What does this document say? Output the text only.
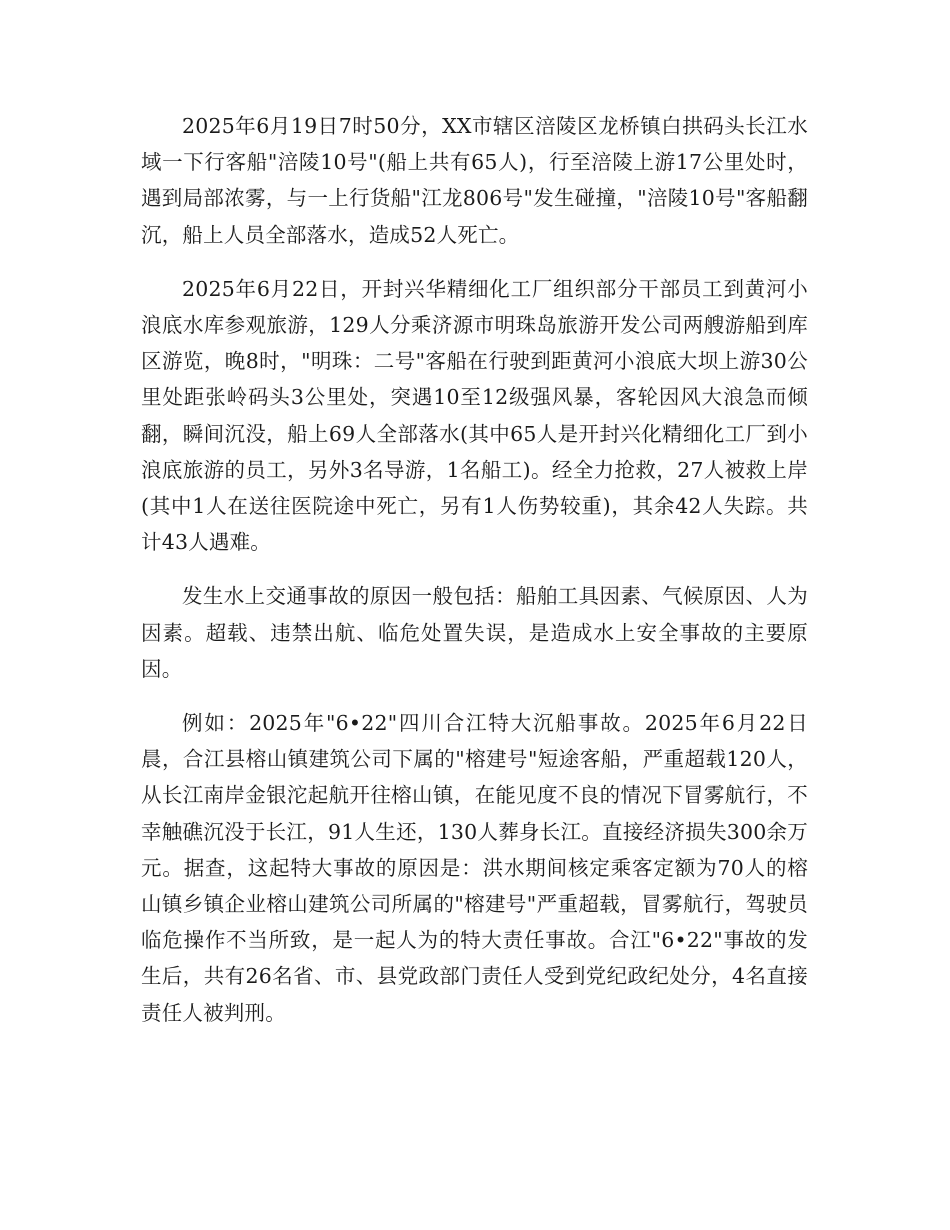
2025年6月19日7时50分，XX市辖区涪陵区龙桥镇白拱码头长江水域一下行客船"涪陵10号"(船上共有65人)，行至涪陵上游17公里处时，遇到局部浓雾，与一上行货船"江龙806号"发生碰撞，"涪陵10号"客船翻沉，船上人员全部落水，造成52人死亡。

2025年6月22日，开封兴华精细化工厂组织部分干部员工到黄河小浪底水库参观旅游，129人分乘济源市明珠岛旅游开发公司两艘游船到库区游览，晚8时，"明珠：二号"客船在行驶到距黄河小浪底大坝上游30公里处距张岭码头3公里处，突遇10至12级强风暴，客轮因风大浪急而倾翻，瞬间沉没，船上69人全部落水(其中65人是开封兴化精细化工厂到小浪底旅游的员工，另外3名导游，1名船工)。经全力抢救，27人被救上岸(其中1人在送往医院途中死亡，另有1人伤势较重)，其余42人失踪。共计43人遇难。

发生水上交通事故的原因一般包括：船舶工具因素、气候原因、人为因素。超载、违禁出航、临危处置失误，是造成水上安全事故的主要原因。

例如：2025年"6•22"四川合江特大沉船事故。2025年6月22日晨，合江县榕山镇建筑公司下属的"榕建号"短途客船，严重超载120人，从长江南岸金银沱起航开往榕山镇，在能见度不良的情况下冒雾航行，不幸触礁沉没于长江，91人生还，130人葬身长江。直接经济损失300余万元。据查，这起特大事故的原因是：洪水期间核定乘客定额为70人的榕山镇乡镇企业榕山建筑公司所属的"榕建号"严重超载，冒雾航行，驾驶员临危操作不当所致，是一起人为的特大责任事故。合江"6•22"事故的发生后，共有26名省、市、县党政部门责任人受到党纪政纪处分，4名直接责任人被判刑。
